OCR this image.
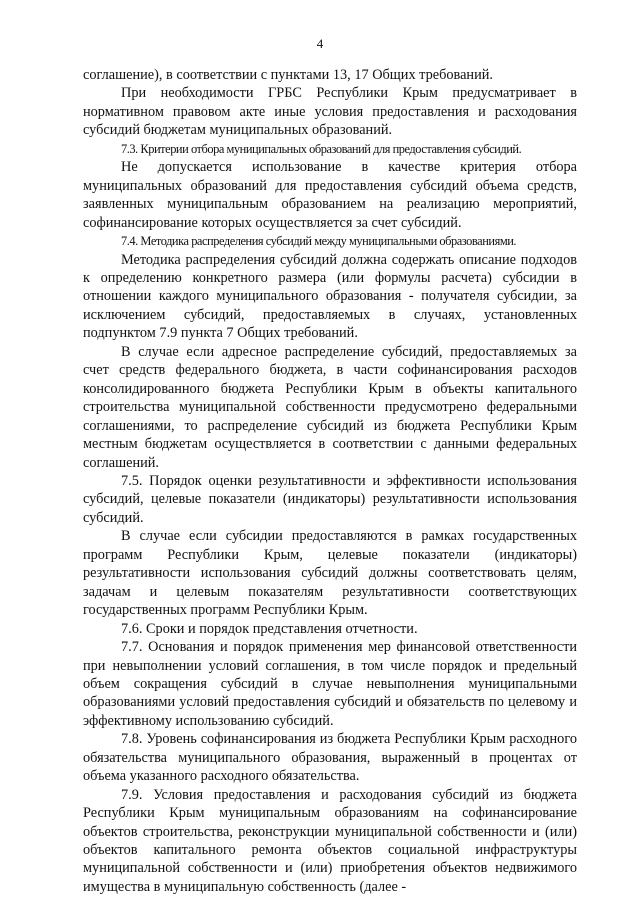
4

соглашение), в соответствии с пунктами 13, 17 Общих требований.

При необходимости ГРБС Республики Крым предусматривает в нормативном правовом акте иные условия предоставления и расходования субсидий бюджетам муниципальных образований.

7.3. Критерии отбора муниципальных образований для предоставления субсидий.

Не допускается использование в качестве критерия отбора муниципальных образований для предоставления субсидий объема средств, заявленных муниципальным образованием на реализацию мероприятий, софинансирование которых осуществляется за счет субсидий.

7.4. Методика распределения субсидий между муниципальными образованиями.

Методика распределения субсидий должна содержать описание подходов к определению конкретного размера (или формулы расчета) субсидии в отношении каждого муниципального образования - получателя субсидии, за исключением субсидий, предоставляемых в случаях, установленных подпунктом 7.9 пункта 7 Общих требований.

В случае если адресное распределение субсидий, предоставляемых за счет средств федерального бюджета, в части софинансирования расходов консолидированного бюджета Республики Крым в объекты капитального строительства муниципальной собственности предусмотрено федеральными соглашениями, то распределение субсидий из бюджета Республики Крым местным бюджетам осуществляется в соответствии с данными федеральных соглашений.

7.5. Порядок оценки результативности и эффективности использования субсидий, целевые показатели (индикаторы) результативности использования субсидий.

В случае если субсидии предоставляются в рамках государственных программ Республики Крым, целевые показатели (индикаторы) результативности использования субсидий должны соответствовать целям, задачам и целевым показателям результативности соответствующих государственных программ Республики Крым.

7.6. Сроки и порядок представления отчетности.

7.7. Основания и порядок применения мер финансовой ответственности при невыполнении условий соглашения, в том числе порядок и предельный объем сокращения субсидий в случае невыполнения муниципальными образованиями условий предоставления субсидий и обязательств по целевому и эффективному использованию субсидий.

7.8. Уровень софинансирования из бюджета Республики Крым расходного обязательства муниципального образования, выраженный в процентах от объема указанного расходного обязательства.

7.9. Условия предоставления и расходования субсидий из бюджета Республики Крым муниципальным образованиям на софинансирование объектов строительства, реконструкции муниципальной собственности и (или) объектов капитального ремонта объектов социальной инфраструктуры муниципальной собственности и (или) приобретения объектов недвижимого имущества в муниципальную собственность (далее -
